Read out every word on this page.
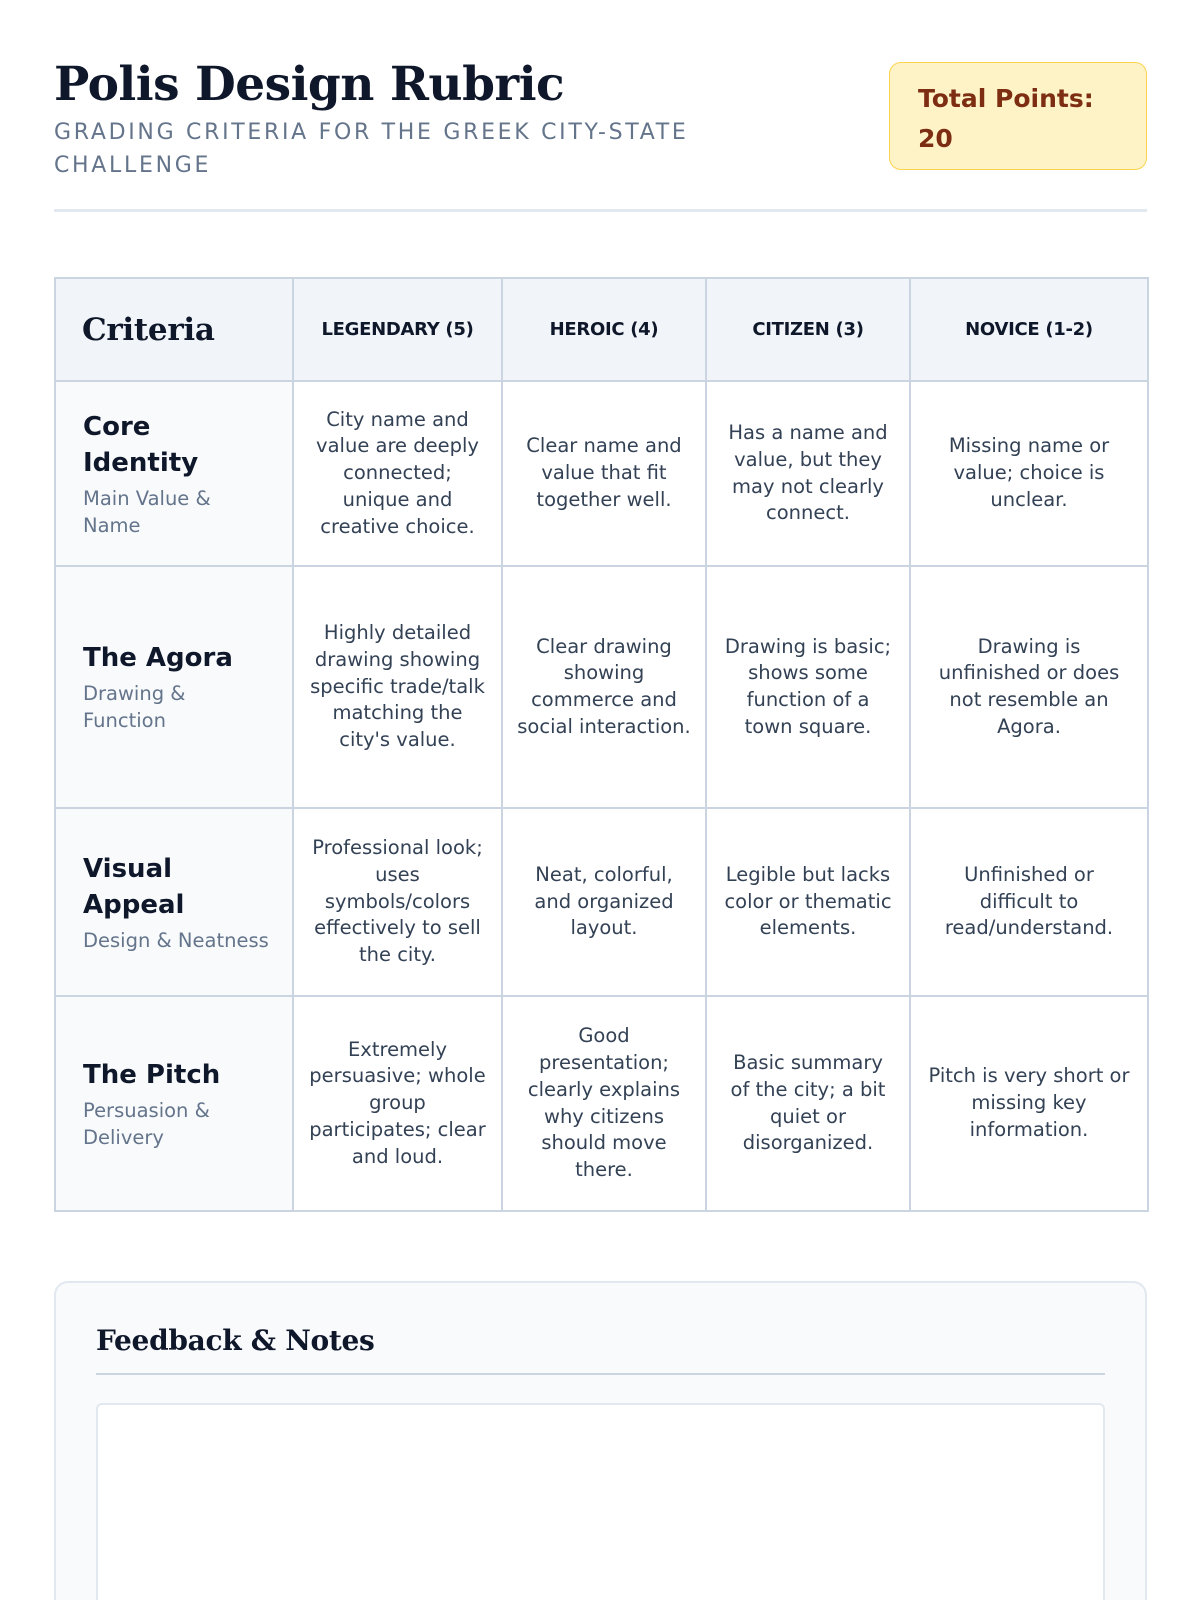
Polis Design Rubric
GRADING CRITERIA FOR THE GREEK CITY-STATE CHALLENGE
Total Points:
20
Criteria	LEGENDARY (5)	HEROIC (4)	CITIZEN (3)	NOVICE (1-2)

Core Identity
Main Value & Name	City name and value are deeply connected; unique and creative choice.	Clear name and value that fit together well.	Has a name and value, but they may not clearly connect.	Missing name or value; choice is unclear.

The Agora
Drawing & Function	Highly detailed drawing showing specific trade/talk matching the city's value.	Clear drawing showing commerce and social interaction.	Drawing is basic; shows some function of a town square.	Drawing is unfinished or does not resemble an Agora.

Visual Appeal
Design & Neatness	Professional look; uses symbols/colors effectively to sell the city.	Neat, colorful, and organized layout.	Legible but lacks color or thematic elements.	Unfinished or difficult to read/understand.

The Pitch
Persuasion & Delivery	Extremely persuasive; whole group participates; clear and loud.	Good presentation; clearly explains why citizens should move there.	Basic summary of the city; a bit quiet or disorganized.	Pitch is very short or missing key information.
Feedback & Notes
